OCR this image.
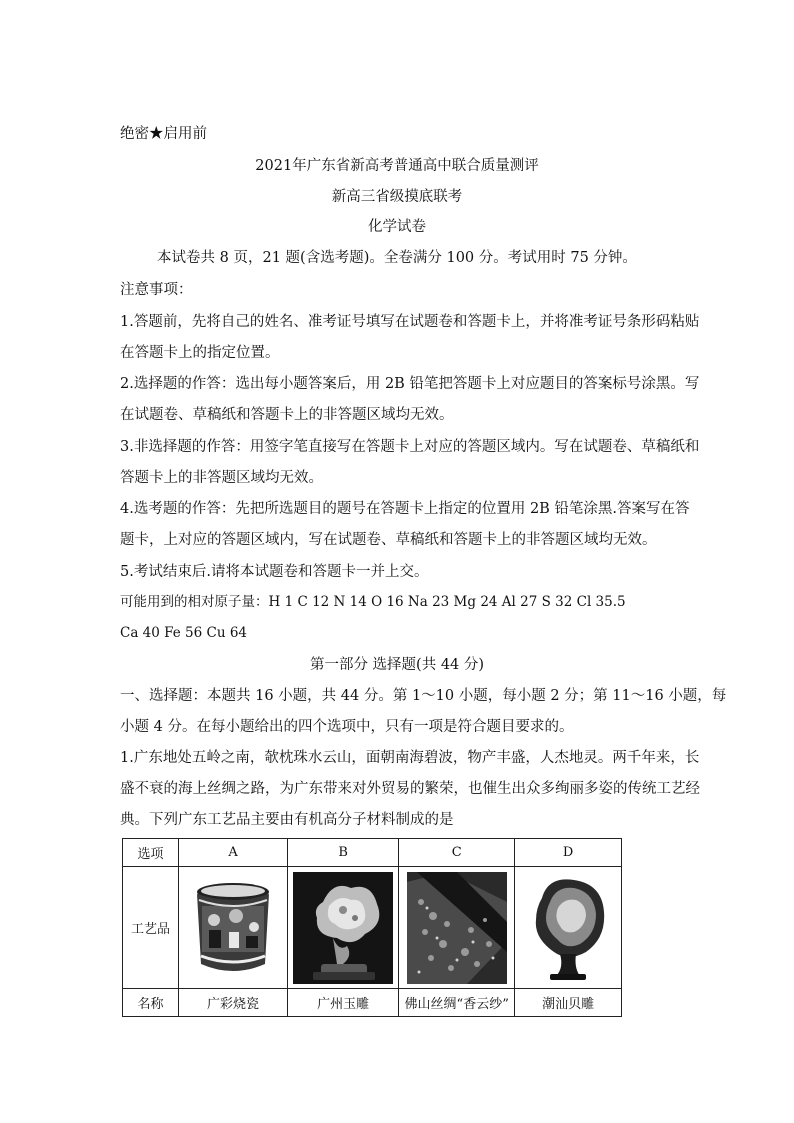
绝密★启用前
2021年广东省新高考普通高中联合质量测评
新高三省级摸底联考
化学试卷
本试卷共 8 页，21 题(含选考题)。全卷满分 100 分。考试用时 75 分钟。
注意事项：
1.答题前，先将自己的姓名、准考证号填写在试题卷和答题卡上，并将准考证号条形码粘贴
在答题卡上的指定位置。
2.选择题的作答：选出每小题答案后，用 2B 铅笔把答题卡上对应题目的答案标号涂黑。写
在试题卷、草稿纸和答题卡上的非答题区域均无效。
3.非选择题的作答：用签字笔直接写在答题卡上对应的答题区域内。写在试题卷、草稿纸和
答题卡上的非答题区域均无效。
4.选考题的作答：先把所选题目的题号在答题卡上指定的位置用 2B 铅笔涂黑.答案写在答
题卡，上对应的答题区域内，写在试题卷、草稿纸和答题卡上的非答题区域均无效。
5.考试结束后.请将本试题卷和答题卡一并上交。
可能用到的相对原子量：H 1 C 12 N 14 O 16 Na 23 Mg 24 Al 27 S 32 Cl 35.5
Ca 40 Fe 56 Cu 64
第一部分 选择题(共 44 分)
一、选择题：本题共 16 小题，共 44 分。第 1～10 小题，每小题 2 分；第 11～16 小题，每
小题 4 分。在每小题给出的四个选项中，只有一项是符合题目要求的。
1.广东地处五岭之南，欹枕珠水云山，面朝南海碧波，物产丰盛，人杰地灵。两千年来，长
盛不衰的海上丝绸之路，为广东带来对外贸易的繁荣，也催生出众多绚丽多姿的传统工艺经
典。下列广东工艺品主要由有机高分子材料制成的是
选项	A	B	C	D
工艺品	

名称	广彩烧瓷	广州玉雕	佛山丝绸“香云纱”	潮汕贝雕
